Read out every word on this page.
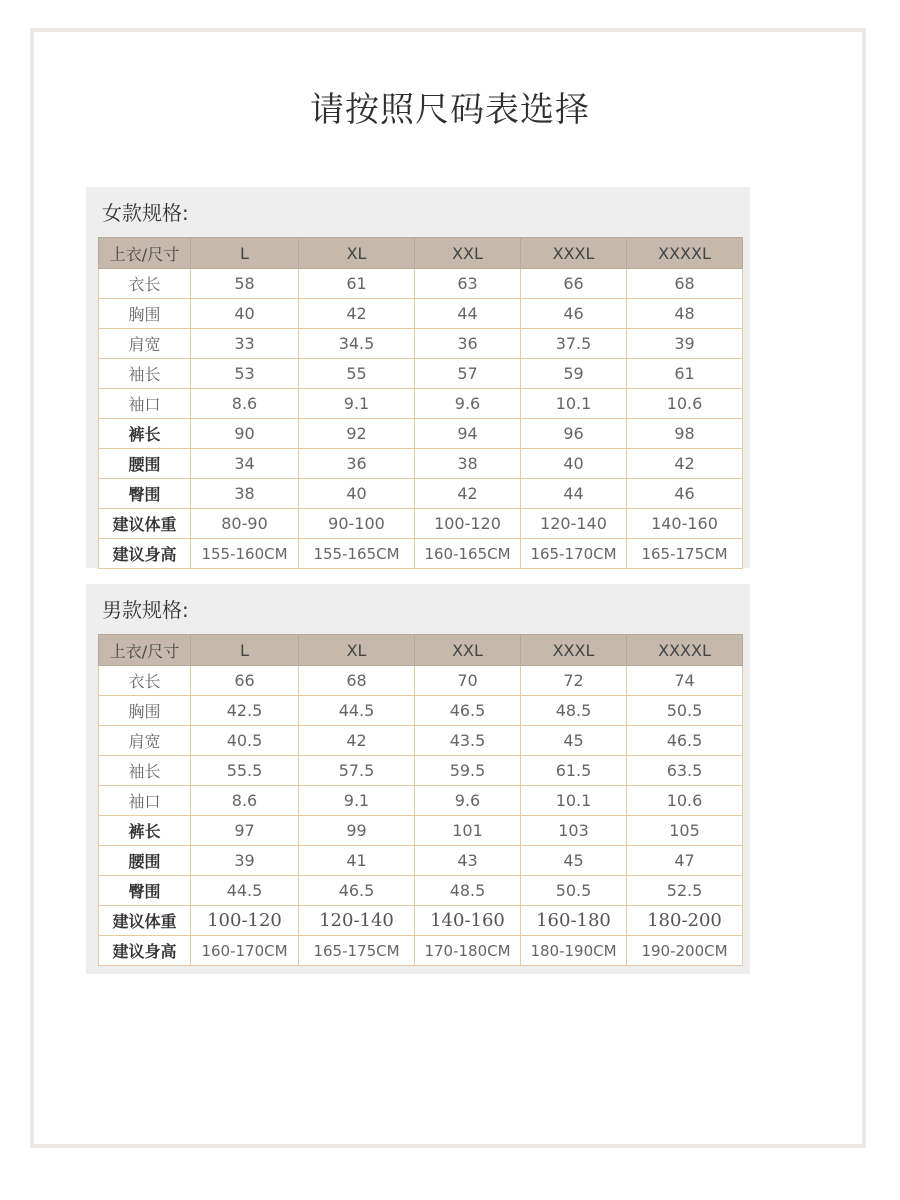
请按照尺码表选择
女款规格:
上衣/尺寸	L	XL	XXL	XXXL	XXXXL
衣长	58	61	63	66	68
胸围	40	42	44	46	48
肩宽	33	34.5	36	37.5	39
袖长	53	55	57	59	61
袖口	8.6	9.1	9.6	10.1	10.6
裤长	90	92	94	96	98
腰围	34	36	38	40	42
臀围	38	40	42	44	46
建议体重	80-90	90-100	100-120	120-140	140-160
建议身高	155-160CM	155-165CM	160-165CM	165-170CM	165-175CM
男款规格:
上衣/尺寸	L	XL	XXL	XXXL	XXXXL
衣长	66	68	70	72	74
胸围	42.5	44.5	46.5	48.5	50.5
肩宽	40.5	42	43.5	45	46.5
袖长	55.5	57.5	59.5	61.5	63.5
袖口	8.6	9.1	9.6	10.1	10.6
裤长	97	99	101	103	105
腰围	39	41	43	45	47
臀围	44.5	46.5	48.5	50.5	52.5
建议体重	100-120	120-140	140-160	160-180	180-200
建议身高	160-170CM	165-175CM	170-180CM	180-190CM	190-200CM
